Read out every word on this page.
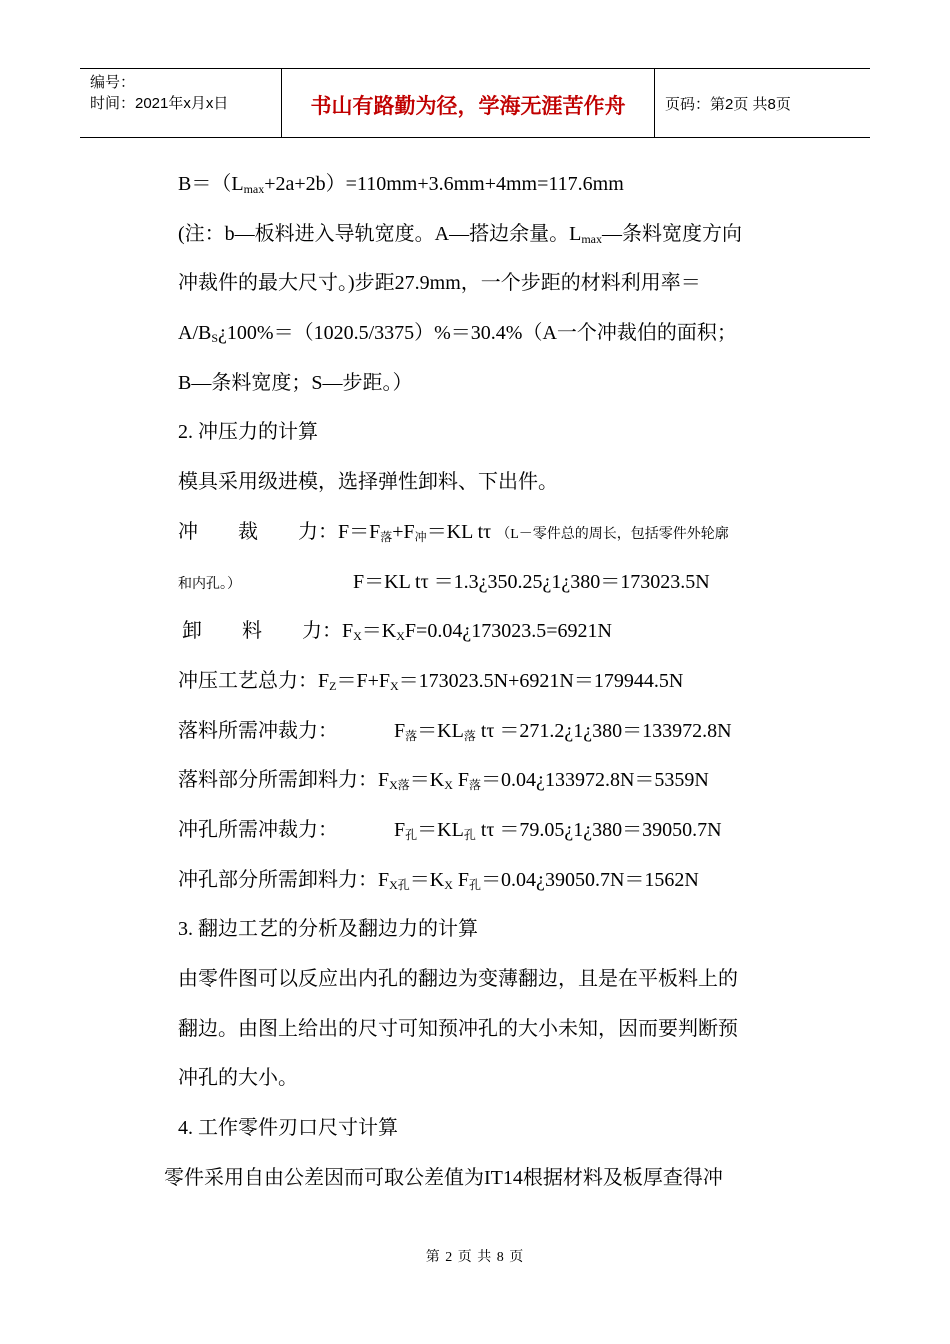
编号：
时间：2021年x月x日	书山有路勤为径，学海无涯苦作舟	页码：第2页 共8页
$B=(L_{max}+2a+2b)=110mm+3.6mm+4mm=117.6mm$
(注：b—板料进入导轨宽度。A—搭边余量。$L_{max}—$条料宽度方向
冲裁件的最大尺寸。)步距27.9mm，一个步距的材料利用率＝
$A/B_S¿100\%=(1020.5/3375)\%=30.4\%(A$一个冲裁伯的面积；
B—条料宽度；S—步距。）
2. 冲压力的计算
模具采用级进模，选择弹性卸料、下出件。
冲　　裁　　力：$F=F_落+F_冲=KL$ tτ （L－零件总的周长，包括零件外轮廓
和内孔。）	F＝KL tτ ＝1.3¿350.25¿1¿380＝173023.5N
卸　　料　　力：$F_X=K_XF=0.04¿173023.5=6921N$
冲压工艺总力：$F_Z=F+F_X=173023.5N+6921N=179944.5N$
落料所需冲裁力：	$F_落=KL_落$ tτ ＝271.2¿1¿380＝133972.8N
落料部分所需卸料力：$F_{X落}=K_X$ $F_落=0.04¿133972.8N=5359N$
冲孔所需冲裁力：	$F_孔=KL_孔$ tτ ＝79.05¿1¿380＝39050.7N
冲孔部分所需卸料力：$F_{X孔}=K_X$ $F_孔=0.04¿39050.7N=1562N$
3. 翻边工艺的分析及翻边力的计算
由零件图可以反应出内孔的翻边为变薄翻边，且是在平板料上的
翻边。由图上给出的尺寸可知预冲孔的大小未知，因而要判断预
冲孔的大小。
4. 工作零件刃口尺寸计算
零件采用自由公差因而可取公差值为IT14根据材料及板厚查得冲
第 2 页 共 8 页
